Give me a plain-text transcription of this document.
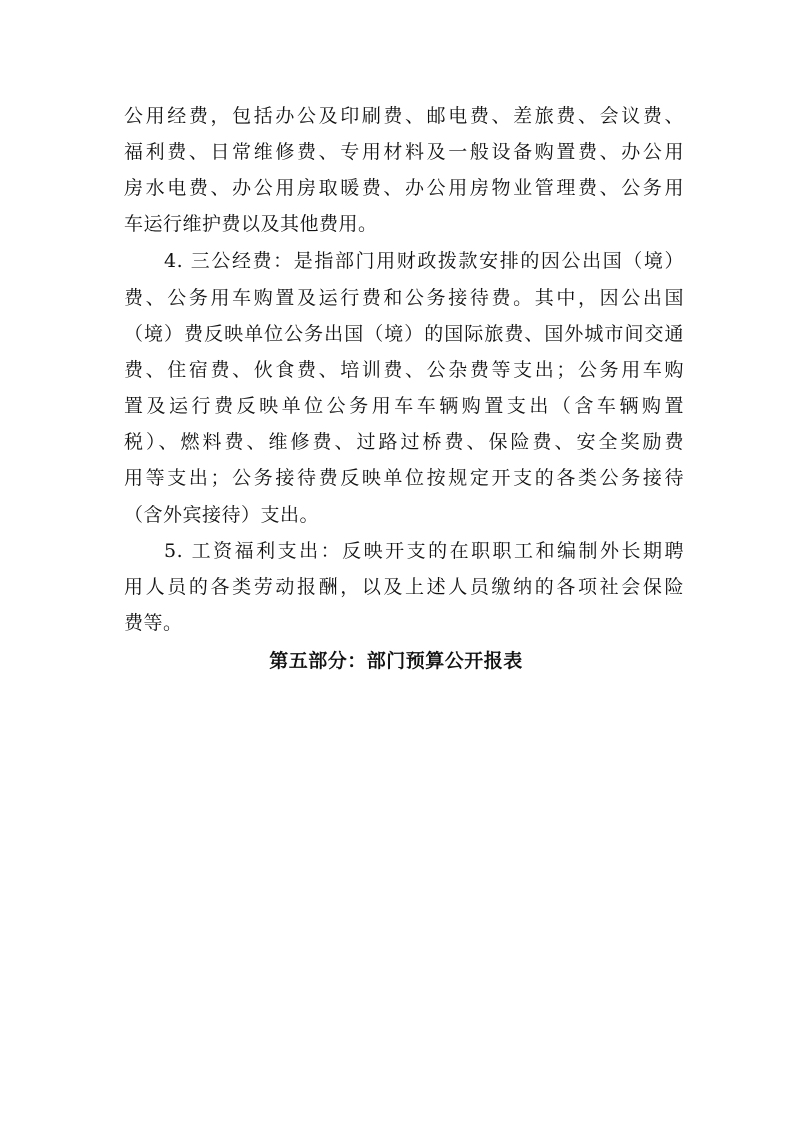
公用经费，包括办公及印刷费、邮电费、差旅费、会议费、
福利费、日常维修费、专用材料及一般设备购置费、办公用
房水电费、办公用房取暖费、办公用房物业管理费、公务用
车运行维护费以及其他费用。
4. 三公经费：是指部门用财政拨款安排的因公出国（境）
费、公务用车购置及运行费和公务接待费。其中，因公出国
（境）费反映单位公务出国（境）的国际旅费、国外城市间交通
费、住宿费、伙食费、培训费、公杂费等支出；公务用车购
置及运行费反映单位公务用车车辆购置支出（含车辆购置
税）、燃料费、维修费、过路过桥费、保险费、安全奖励费
用等支出；公务接待费反映单位按规定开支的各类公务接待
（含外宾接待）支出。
5. 工资福利支出：反映开支的在职职工和编制外长期聘
用人员的各类劳动报酬，以及上述人员缴纳的各项社会保险
费等。
第五部分：部门预算公开报表
